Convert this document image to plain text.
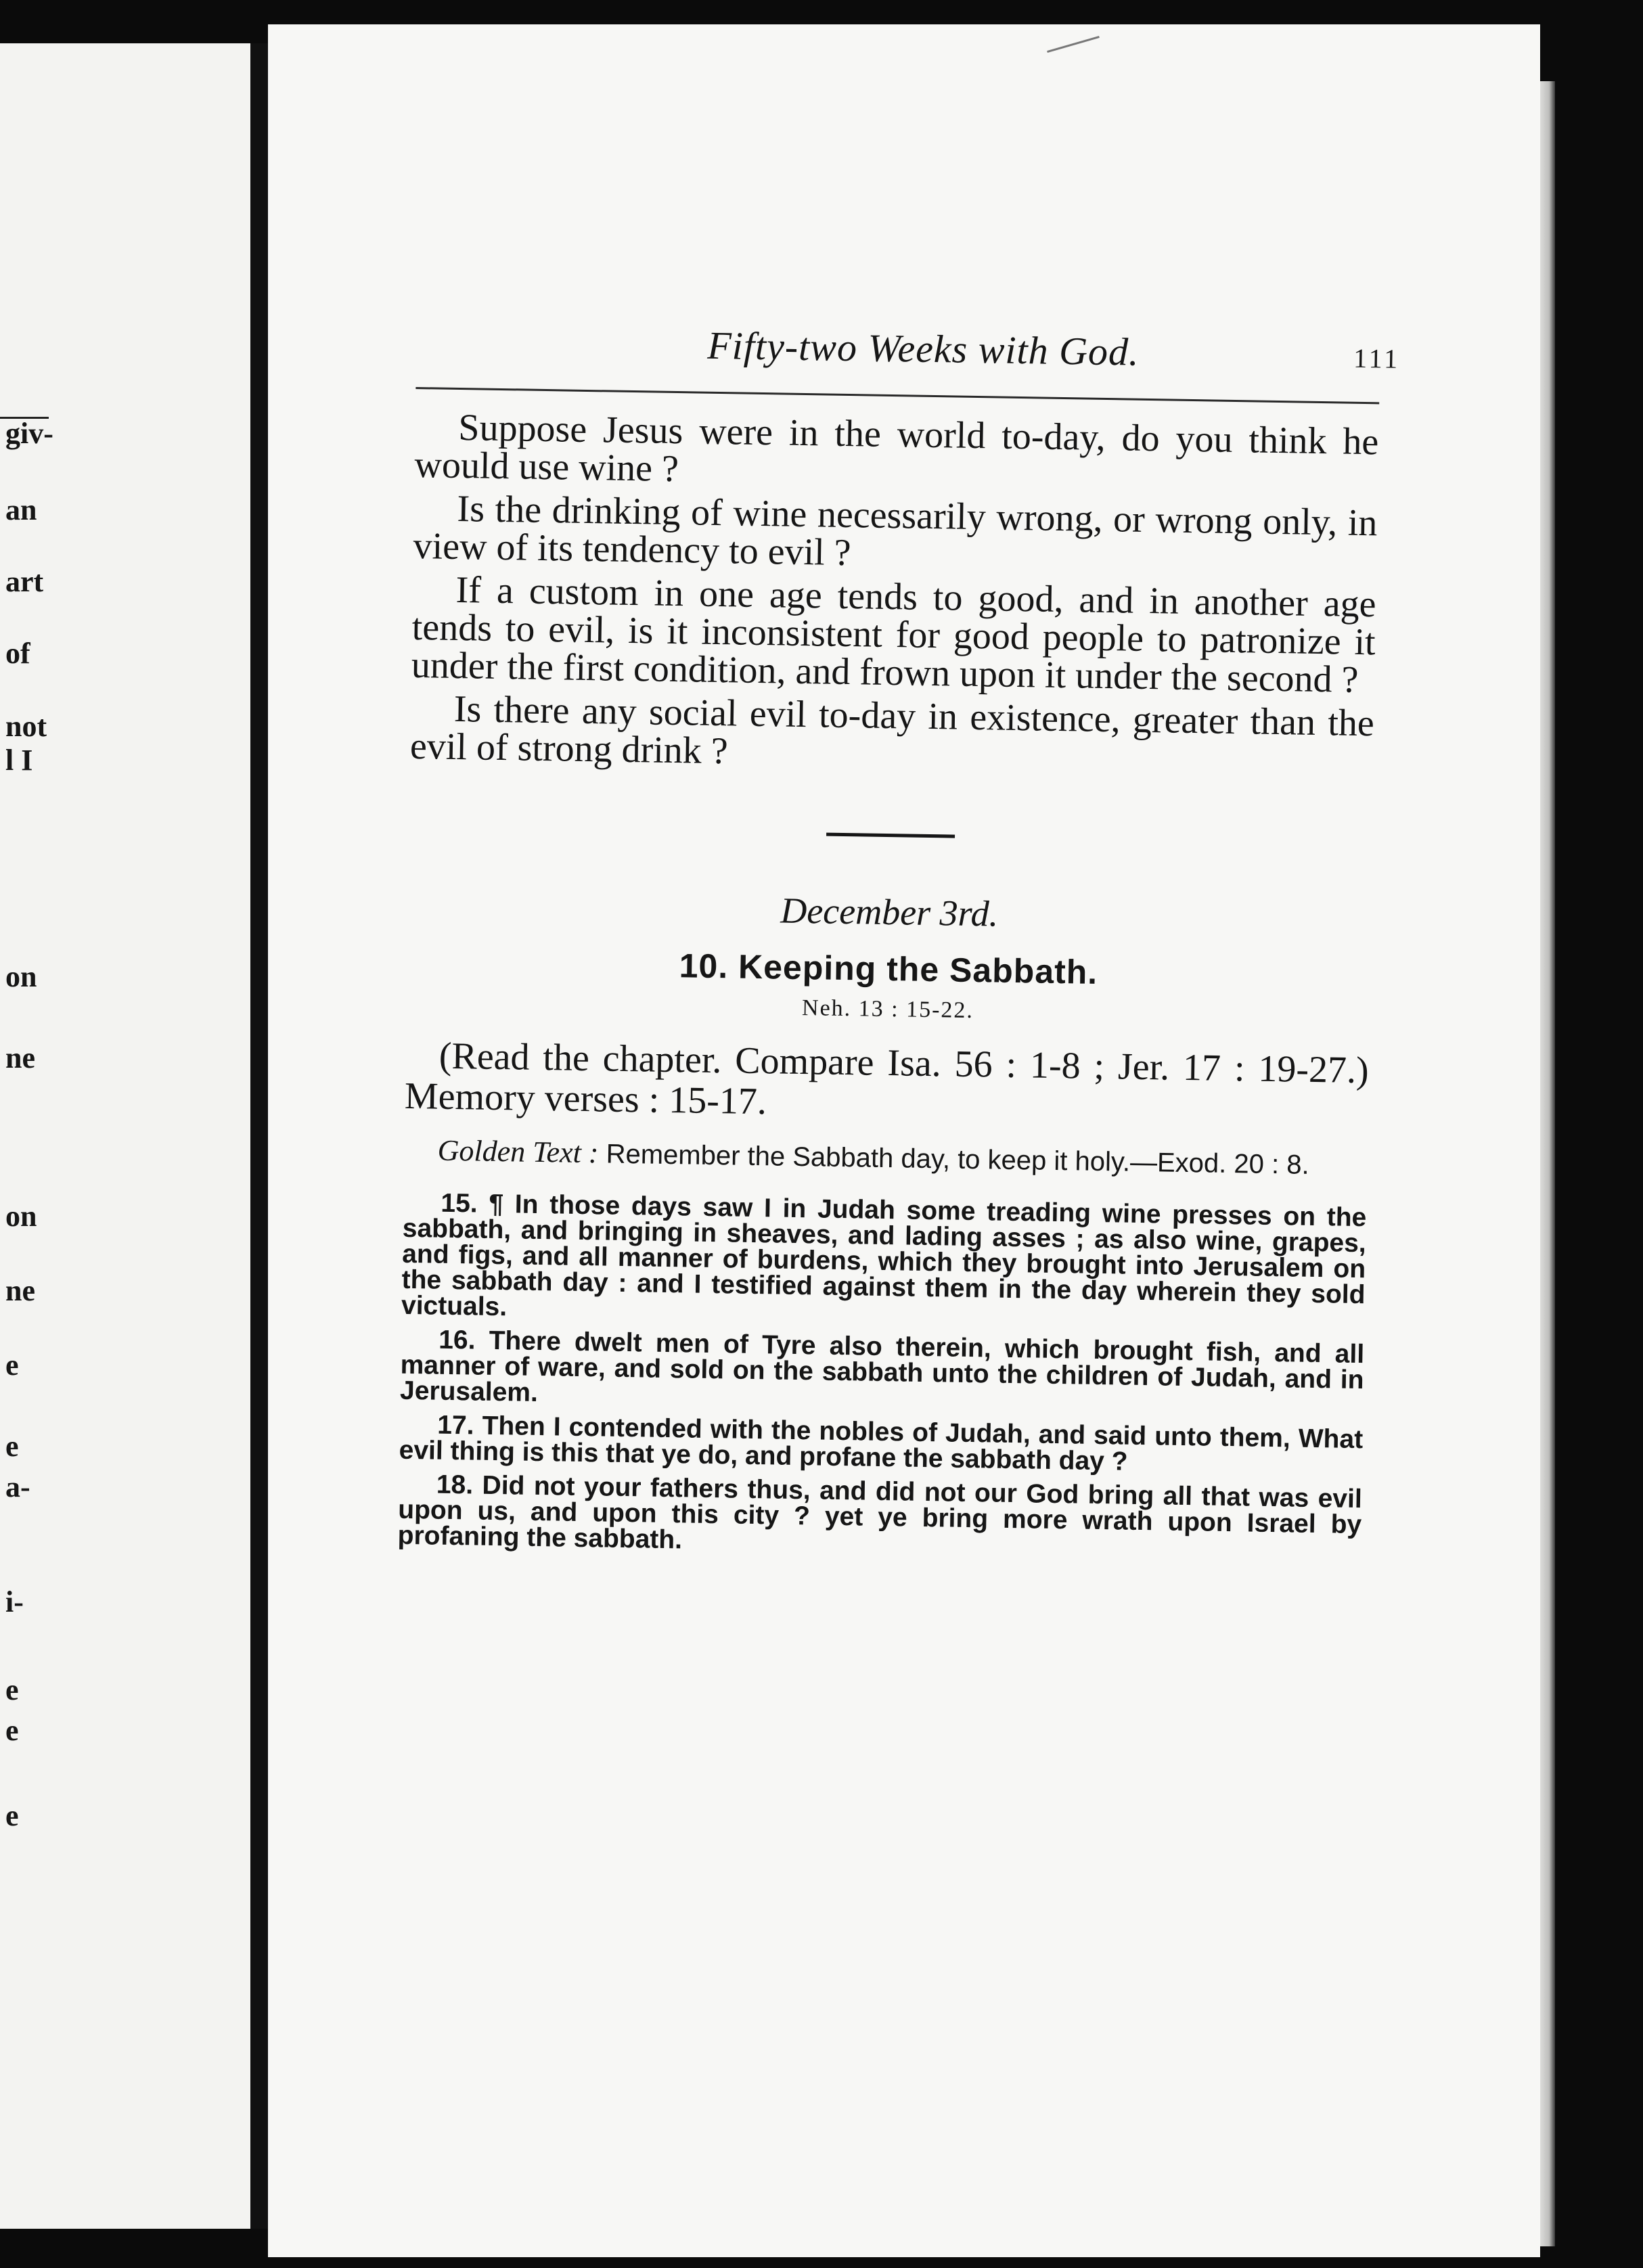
giv-
an
art
of
not
l I
on
ne
on
ne
e
e
a-
i-
e
e
e
Fifty-two Weeks with God.	111

Suppose Jesus were in the world to-day, do you think he would use wine ?

Is the drinking of wine necessarily wrong, or wrong only, in view of its tendency to evil ?

If a custom in one age tends to good, and in another age tends to evil, is it inconsistent for good people to patronize it under the first condition, and frown upon it under the second ?

Is there any social evil to-day in existence, greater than the evil of strong drink ?

December 3rd.
10. Keeping the Sabbath.
Neh. 13 : 15-22.

(Read the chapter. Compare Isa. 56 : 1-8 ; Jer. 17 : 19-27.) Memory verses : 15-17.

Golden Text : Remember the Sabbath day, to keep it holy.—Exod. 20 : 8.

15. ¶ In those days saw I in Judah some treading wine presses on the sabbath, and bringing in sheaves, and lading asses ; as also wine, grapes, and figs, and all manner of burdens, which they brought into Jerusalem on the sabbath day : and I testified against them in the day wherein they sold victuals.

16. There dwelt men of Tyre also therein, which brought fish, and all manner of ware, and sold on the sabbath unto the children of Judah, and in Jerusalem.

17. Then I contended with the nobles of Judah, and said unto them, What evil thing is this that ye do, and profane the sabbath day ?

18. Did not your fathers thus, and did not our God bring all that was evil upon us, and upon this city ? yet ye bring more wrath upon Israel by profaning the sabbath.
